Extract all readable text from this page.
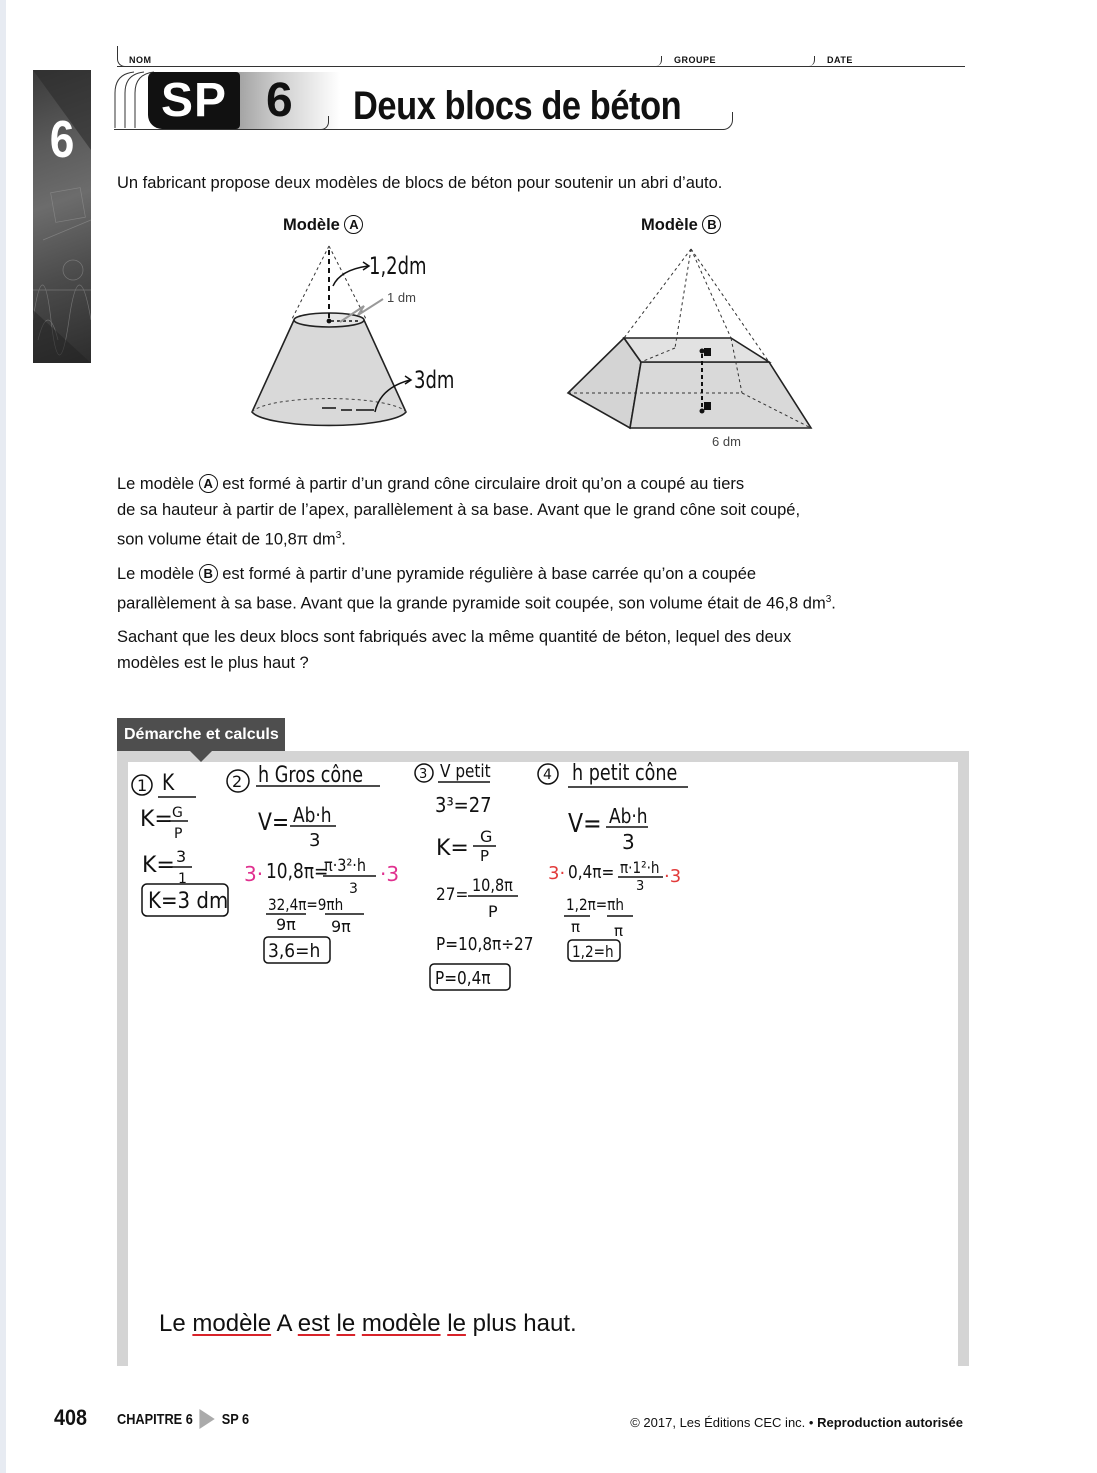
6
NOM	GROUPE	DATE
SP 6 Deux blocs de béton
Un fabricant propose deux modèles de blocs de béton pour soutenir un abri d’auto.
Modèle A	Modèle B
1,2dm
1 dm
3dm
6 dm
Le modèle A est formé à partir d’un grand cône circulaire droit qu’on a coupé au tiers
de sa hauteur à partir de l’apex, parallèlement à sa base. Avant que le grand cône soit coupé,
son volume était de 10,8π $dm^3$.
Le modèle B est formé à partir d’une pyramide régulière à base carrée qu’on a coupée
parallèlement à sa base. Avant que la grande pyramide soit coupée, son volume était de 46,8 $dm^3$.
Sachant que les deux blocs sont fabriqués avec la même quantité de béton, lequel des deux
modèles est le plus haut ?
Démarche et calculs
1 K
K= G
P
K= 3
1
K=3 dm
2 h Gros cône
V= Ab·h
3
3· 10,8π=
π·3²·h
3
·3
32,4π=9πh
9π 9π
3,6=h
3 V petit
3³=27
K= G
P
27= 10,8π
P
P=10,8π÷27
P=0,4π
4 h petit cône
V= Ab·h
3
3· 0,4π= π·1²·h
3 ·3
1,2π=πh
π π
1,2=h
Le modèle A est le modèle le plus haut.
408 CHAPITRE 6 SP 6	© 2017, Les Éditions CEC inc. • Reproduction autorisée
